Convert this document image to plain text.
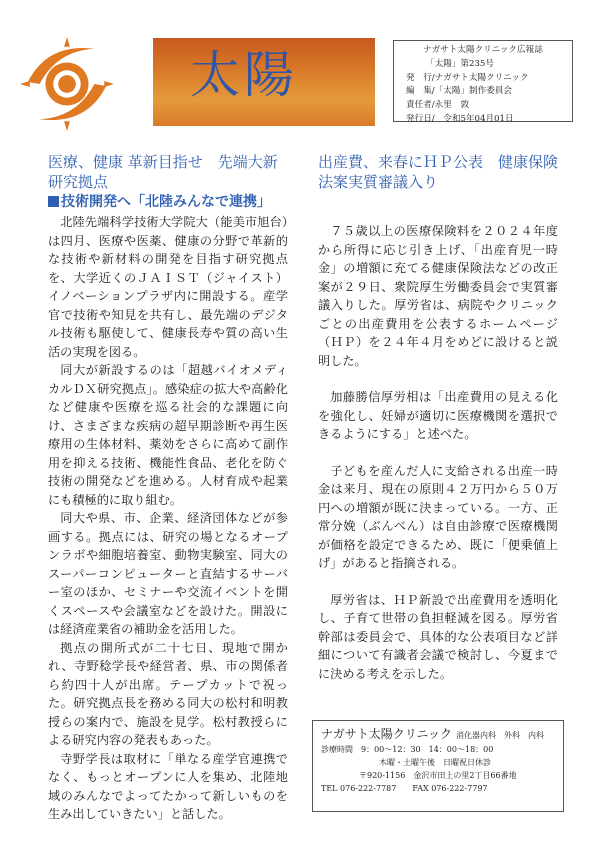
太陽	ナガサト太陽クリニック広報誌
「太陽」第235号
発　行/ナガサト太陽クリニック
編　集/「太陽」制作委員会
責任者/永里　敦
発行日/　令和5年04月01日
医療、健康 革新目指せ　先端大新研究拠点
技術開発へ「北陸みんなで連携」

北陸先端科学技術大学院大（能美市旭台）は四月、医療や医薬、健康の分野で革新的な技術や新材料の開発を目指す研究拠点を、大学近くのＪＡＩＳＴ（ジャイスト）イノベーションプラザ内に開設する。産学官で技術や知見を共有し、最先端のデジタル技術も駆使して、健康長寿や質の高い生活の実現を図る。

同大が新設するのは「超越バイオメディカルＤＸ研究拠点」。感染症の拡大や高齢化など健康や医療を巡る社会的な課題に向け、さまざまな疾病の超早期診断や再生医療用の生体材料、薬効をさらに高めて副作用を抑える技術、機能性食品、老化を防ぐ技術の開発などを進める。人材育成や起業にも積極的に取り組む。

同大や県、市、企業、経済団体などが参画する。拠点には、研究の場となるオープンラボや細胞培養室、動物実験室、同大のスーパーコンピューターと直結するサーバー室のほか、セミナーや交流イベントを開くスペースや会議室などを設けた。開設には経済産業省の補助金を活用した。

拠点の開所式が二十七日、現地で開かれ、寺野稔学長や経営者、県、市の関係者ら約四十人が出席。テープカットで祝った。研究拠点長を務める同大の松村和明教授らの案内で、施設を見学。松村教授らによる研究内容の発表もあった。

寺野学長は取材に「単なる産学官連携でなく、もっとオープンに人を集め、北陸地域のみんなでよってたかって新しいものを生み出していきたい」と話した。

出産費、来春にＨＰ公表　健康保険法案実質審議入り

７５歳以上の医療保険料を２０２４年度から所得に応じ引き上げ、「出産育児一時金」の増額に充てる健康保険法などの改正案が２９日、衆院厚生労働委員会で実質審議入りした。厚労省は、病院やクリニックごとの出産費用を公表するホームページ（ＨＰ）を２４年４月をめどに設けると説明した。

加藤勝信厚労相は「出産費用の見える化を強化し、妊婦が適切に医療機関を選択できるようにする」と述べた。

子どもを産んだ人に支給される出産一時金は来月、現在の原則４２万円から５０万円への増額が既に決まっている。一方、正常分娩（ぶんべん）は自由診療で医療機関が価格を設定できるため、既に「便乗値上げ」があると指摘される。

厚労省は、ＨＰ新設で出産費用を透明化し、子育て世帯の負担軽減を図る。厚労省幹部は委員会で、具体的な公表項目など詳細について有識者会議で検討し、今夏までに決める考えを示した。

ナガサト太陽クリニック 消化器内科　外科　内科
診療時間　 9：00～12：30　14：00～18：00
木曜・土曜午後　日曜祝日休診
〒920-1156　金沢市田上の里2丁目66番地
TEL 076-222-7787　　 FAX 076-222-7797
